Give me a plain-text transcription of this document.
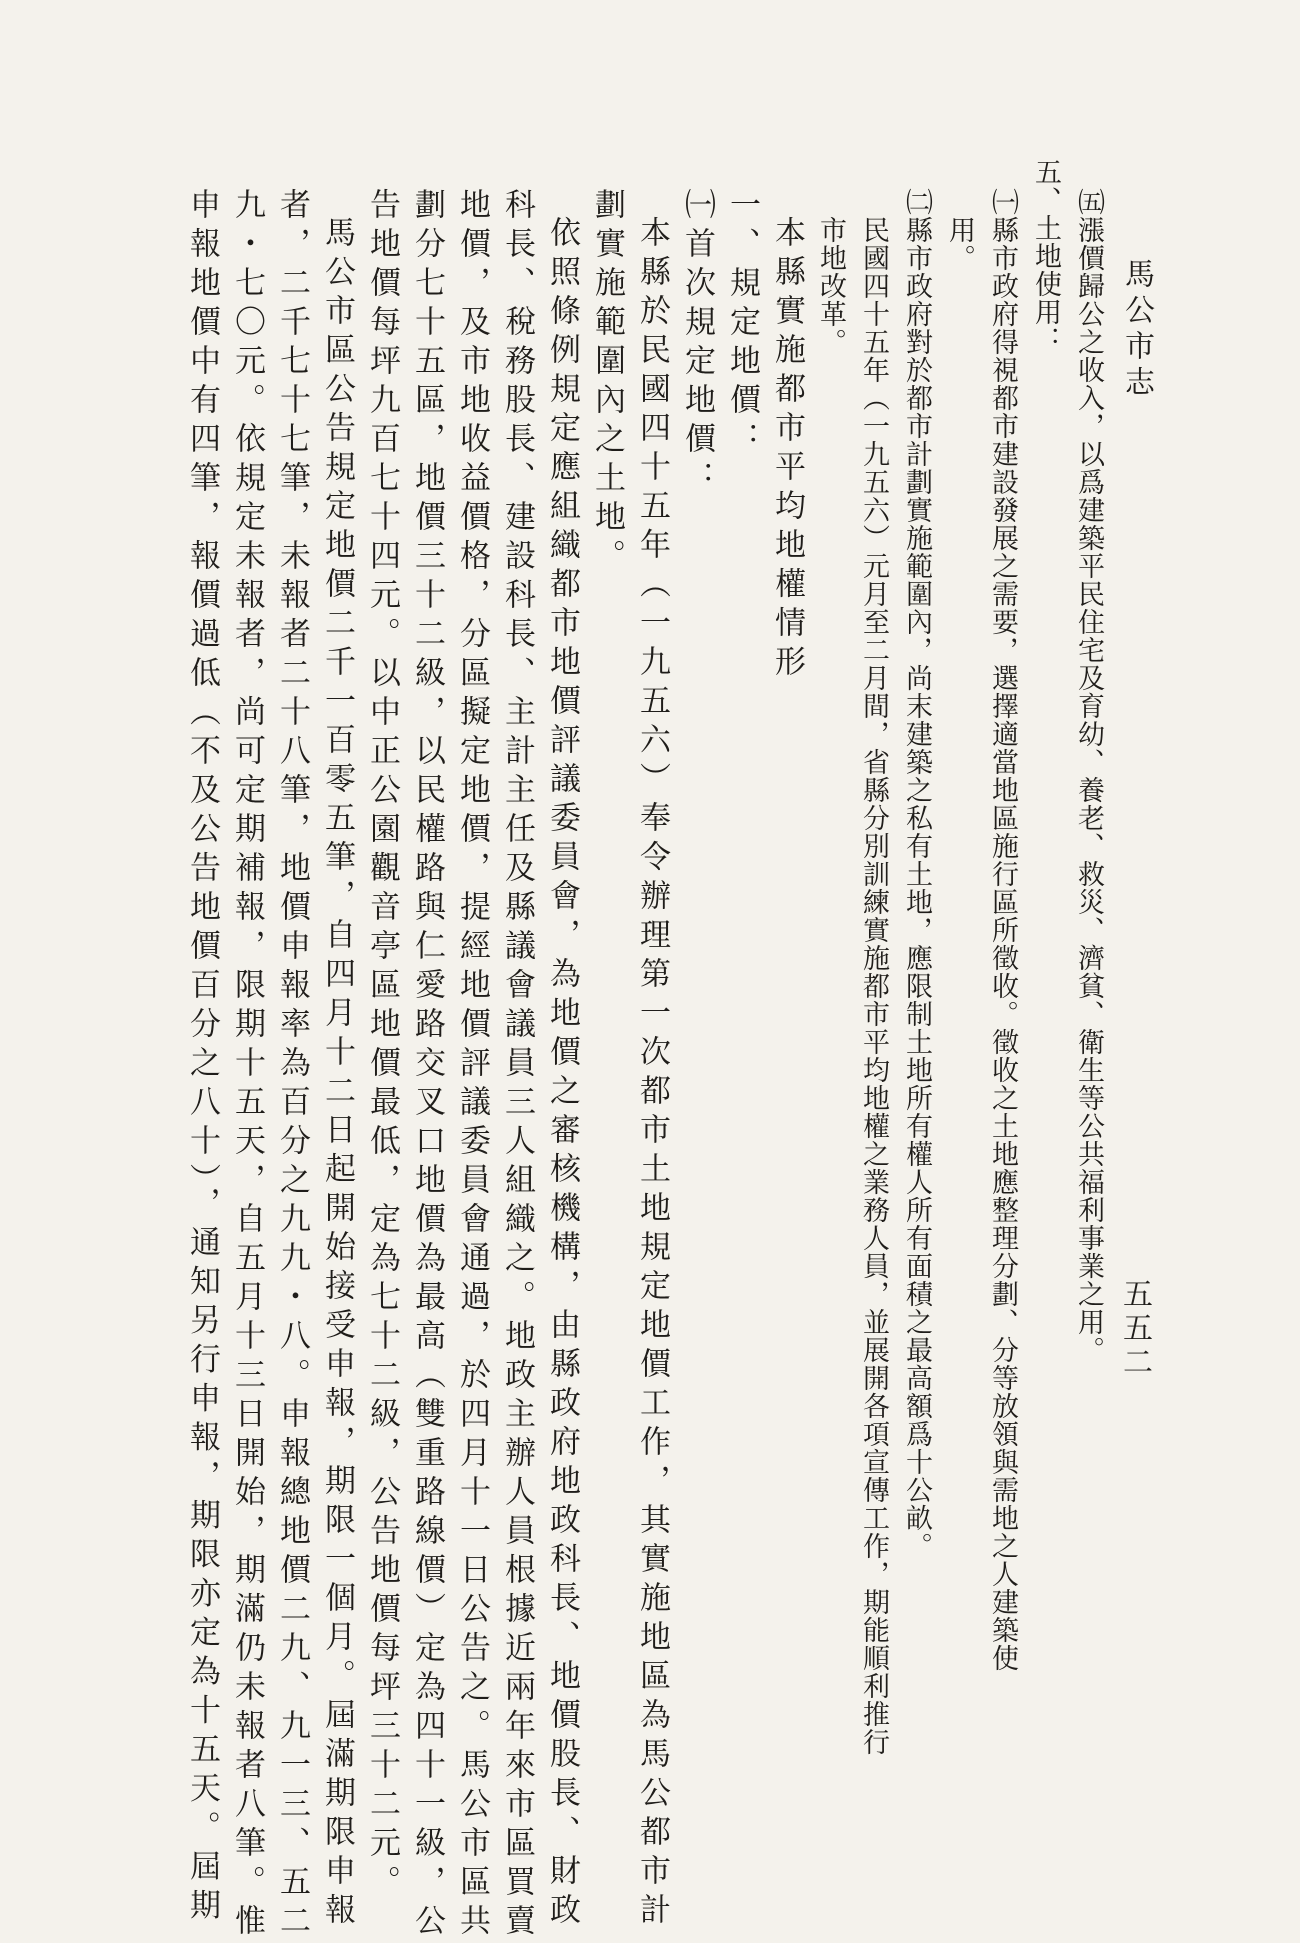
馬公市志
五五二
㈤漲價歸公之收入，以爲建築平民住宅及育幼、養老、救災、濟貧、衛生等公共福利事業之用。
五、土地使用：
㈠縣市政府得視都市建設發展之需要，選擇適當地區施行區所徵收。徵收之土地應整理分劃、分等放領與需地之人建築使
用。
㈡縣市政府對於都市計劃實施範圍內，尚末建築之私有土地，應限制土地所有權人所有面積之最高額爲十公畝。
民國四十五年（一九五六）元月至二月間，省縣分別訓練實施都市平均地權之業務人員，並展開各項宣傳工作，期能順利推行
市地改革。
本縣實施都市平均地權情形
一、規定地價：
㈠首次規定地價：
本縣於民國四十五年（一九五六）奉令辦理第一次都市土地規定地價工作，其實施地區為馬公都市計
劃實施範圍內之土地。
依照條例規定應組織都市地價評議委員會，為地價之審核機構，由縣政府地政科長、地價股長、財政
科長、稅務股長、建設科長、主計主任及縣議會議員三人組織之。地政主辦人員根據近兩年來市區買賣
地價，及市地收益價格，分區擬定地價，提經地價評議委員會通過，於四月十一日公告之。馬公市區共
劃分七十五區，地價三十二級，以民權路與仁愛路交叉口地價為最高（雙重路線價）定為四十一級，公
告地價每坪九百七十四元。以中正公園觀音亭區地價最低，定為七十二級，公告地價每坪三十二元。
馬公市區公告規定地價二千一百零五筆，自四月十二日起開始接受申報，期限一個月。屆滿期限申報
者，二千七十七筆，未報者二十八筆，地價申報率為百分之九九・八。申報總地價二九、九一三、五二
九・七〇元。依規定未報者，尚可定期補報，限期十五天，自五月十三日開始，期滿仍未報者八筆。惟
申報地價中有四筆，報價過低（不及公告地價百分之八十），通知另行申報，期限亦定為十五天。屆期
